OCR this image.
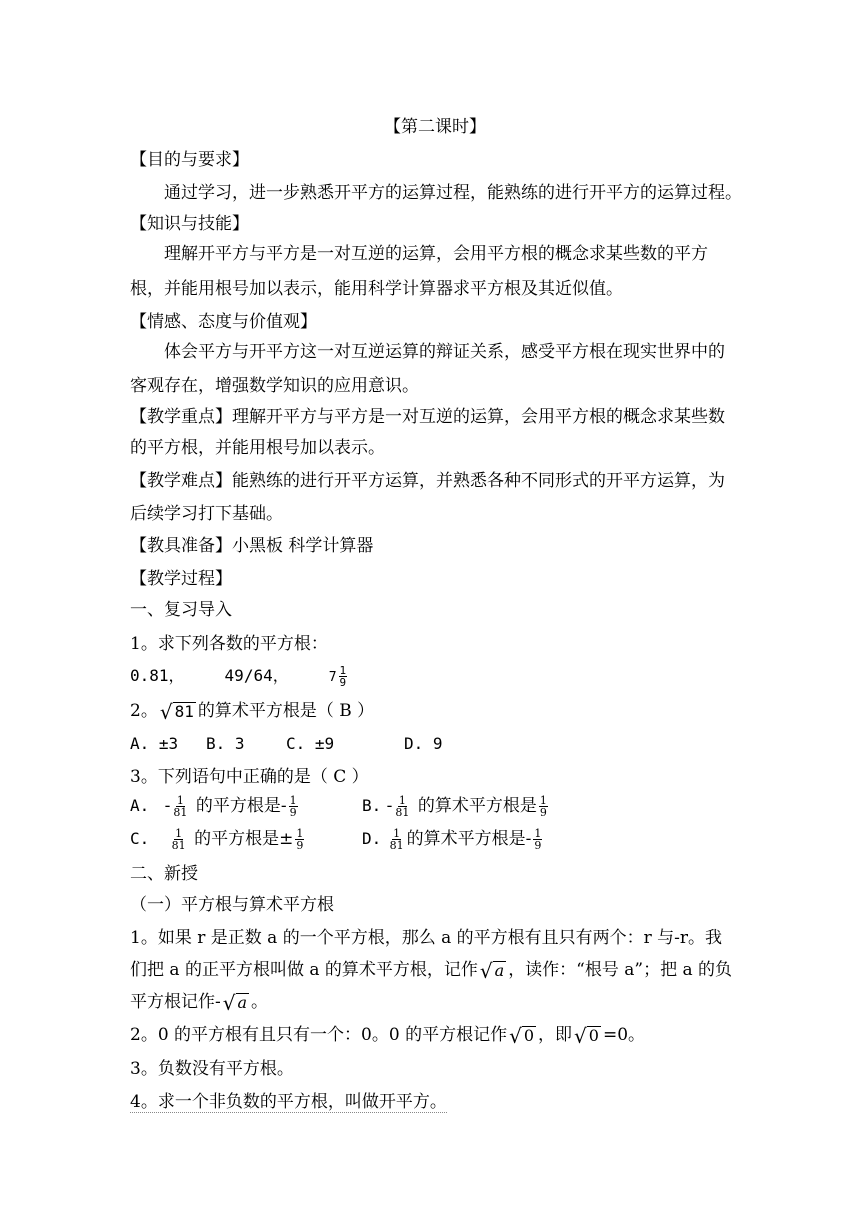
【第二课时】
【目的与要求】
通过学习，进一步熟悉开平方的运算过程，能熟练的进行开平方的运算过程。
【知识与技能】
理解开平方与平方是一对互逆的运算，会用平方根的概念求某些数的平方
根，并能用根号加以表示，能用科学计算器求平方根及其近似值。
【情感、态度与价值观】
体会平方与开平方这一对互逆运算的辩证关系，感受平方根在现实世界中的
客观存在，增强数学知识的应用意识。
【教学重点】理解开平方与平方是一对互逆的运算，会用平方根的概念求某些数
的平方根，并能用根号加以表示。
【教学难点】能熟练的进行开平方运算，并熟悉各种不同形式的开平方运算，为
后续学习打下基础。
【教具准备】小黑板 科学计算器
【教学过程】
一、复习导入
1。求下列各数的平方根：
0.81，	49/64，	$7 \frac{1}{9}$
2。 √ 81 的算术平方根是（ B ）
A. ±3 B. 3	C. ±9	D. 9
3。下列语句中正确的是（ C ）
A. - $\frac{1}{81}$ 的平方根是- $\frac{1}{9}$	B. - $\frac{1}{81}$ 的算术平方根是 $\frac{1}{9}$
C. $\frac{1}{81}$ 的平方根是± $\frac{1}{9}$	D. $\frac{1}{81}$ 的算术平方根是- $\frac{1}{9}$
二、新授
（一）平方根与算术平方根
1。如果 r 是正数 a 的一个平方根，那么 a 的平方根有且只有两个：r 与-r。我
们把 a 的正平方根叫做 a 的算术平方根，记作 √ a ，读作：“根号 a”；把 a 的负
平方根记作- √ a 。
2。0 的平方根有且只有一个：0。0 的平方根记作 √ 0 ，即 √ 0 =0。
3。负数没有平方根。
4。求一个非负数的平方根，叫做开平方。
